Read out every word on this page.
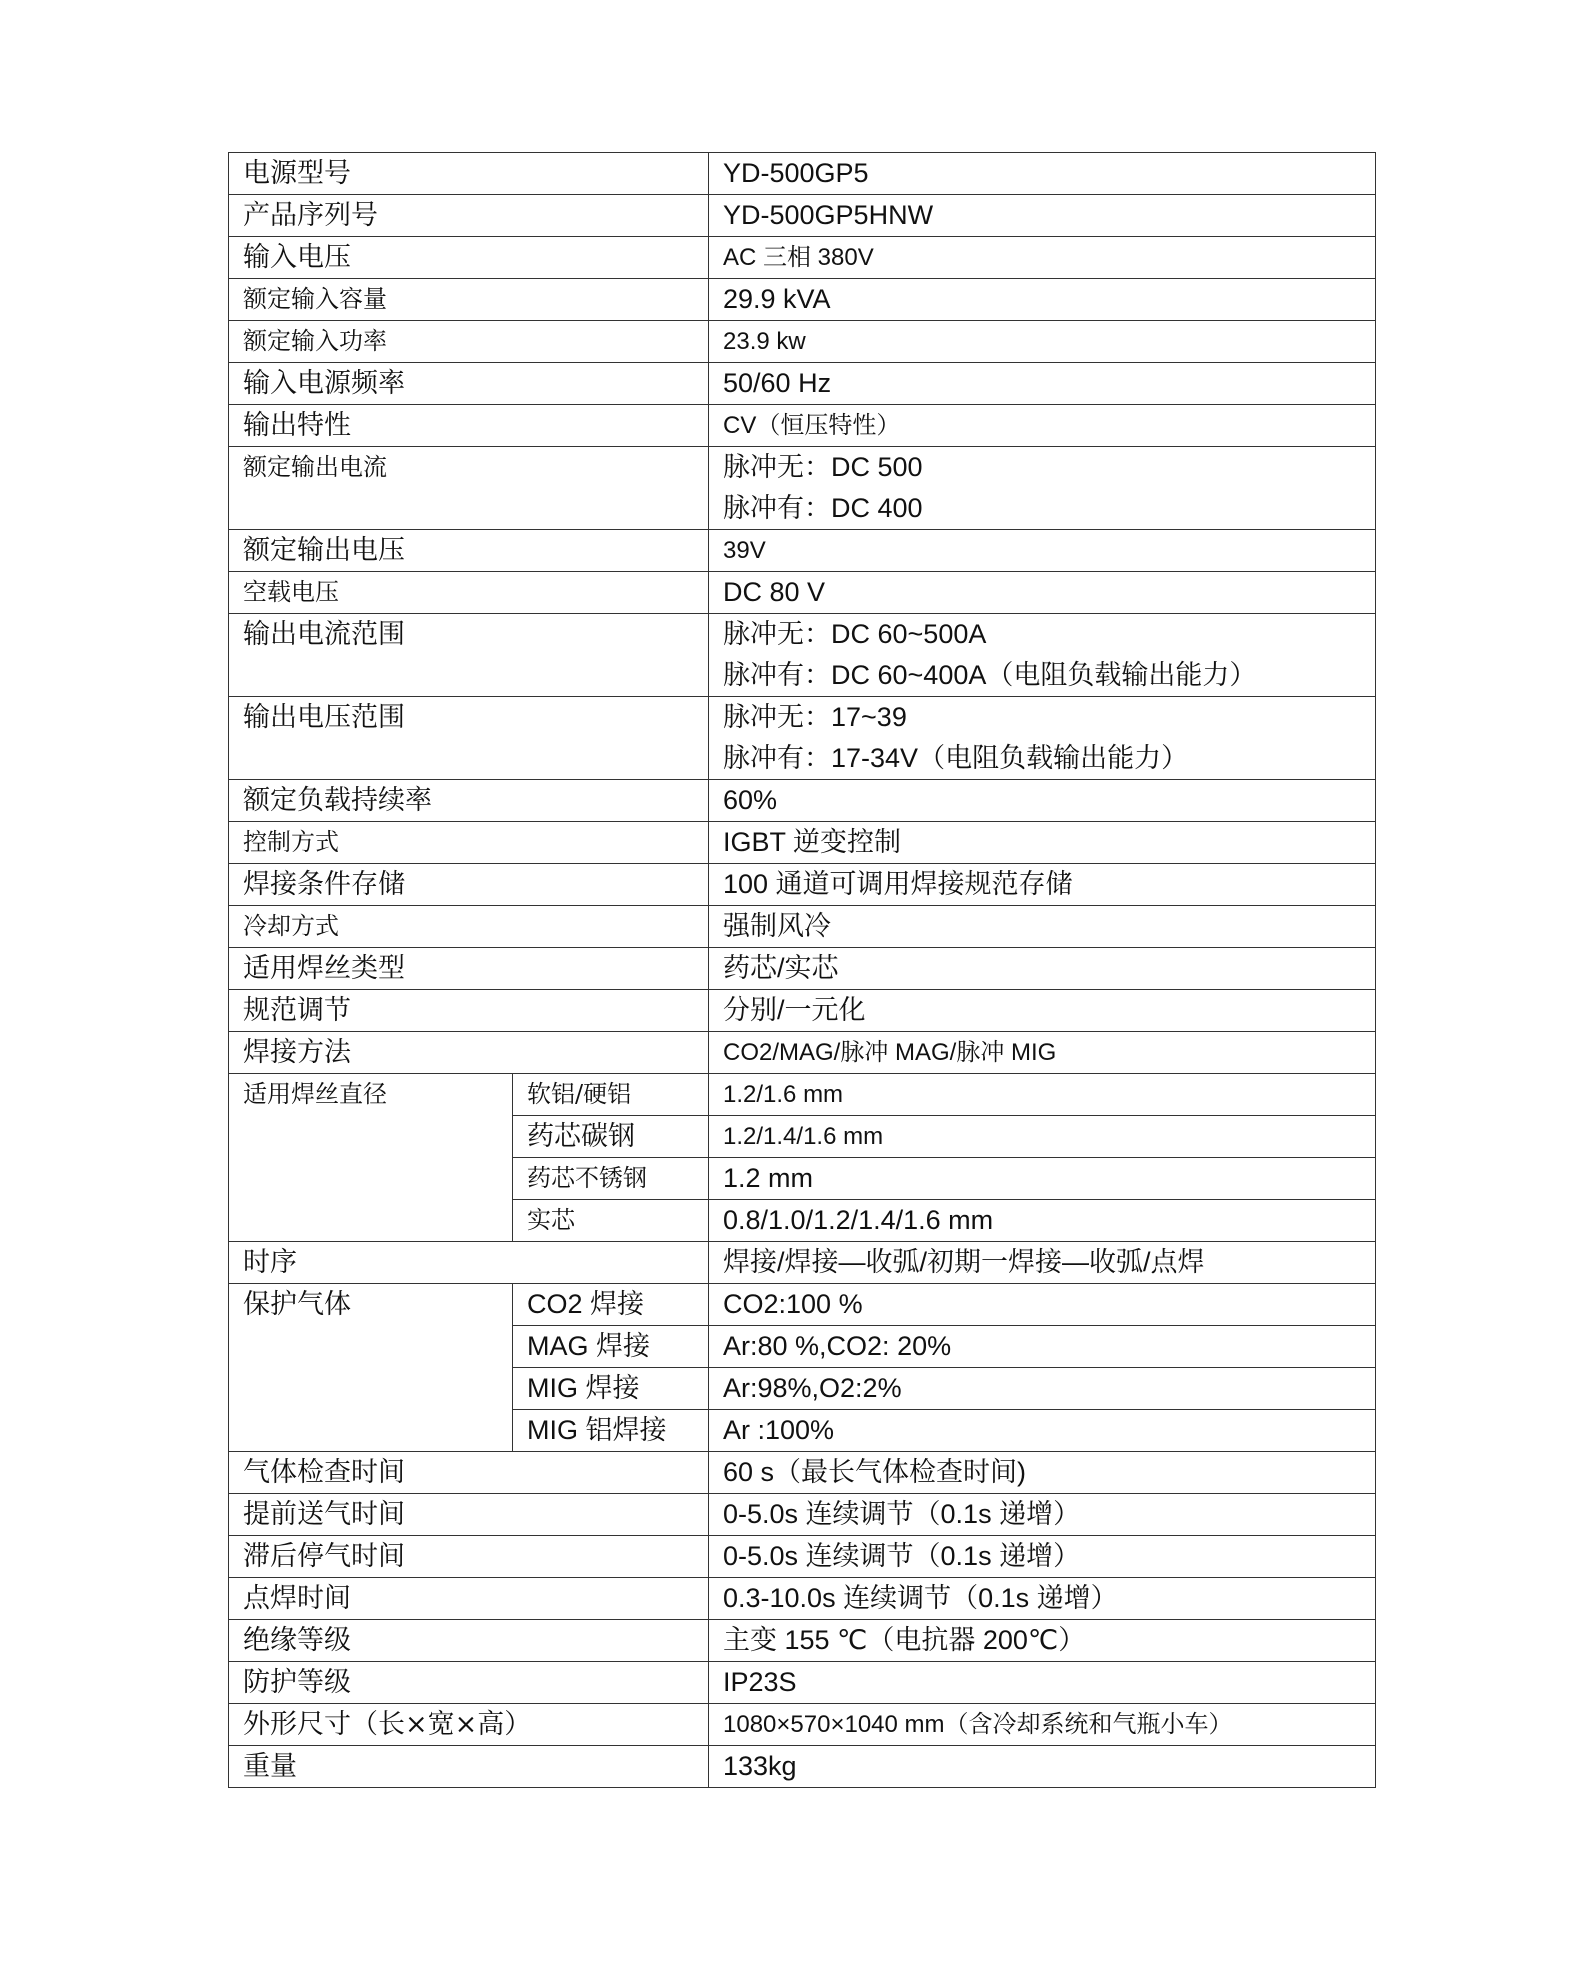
电源型号		YD-500GP5
产品序列号		YD-500GP5HNW
输入电压		AC 三相 380V
额定输入容量		29.9 kVA
额定输入功率		23.9 kw
输入电源频率		50/60 Hz
输出特性		CV（恒压特性）
额定输出电流		脉冲无：DC 500
脉冲有：DC 400

额定输出电压		39V
空载电压		DC 80 V
输出电流范围		脉冲无：DC 60~500A
脉冲有：DC 60~400A（电阻负载输出能力）

输出电压范围		脉冲无：17~39
脉冲有：17-34V（电阻负载输出能力）

额定负载持续率		60%
控制方式		IGBT 逆变控制
焊接条件存储		100 通道可调用焊接规范存储
冷却方式		强制风冷
适用焊丝类型		药芯/实芯
规范调节		分别/一元化
焊接方法		CO2/MAG/脉冲 MAG/脉冲 MIG
适用焊丝直径	软铝/硬铝	1.2/1.6 mm
	药芯碳钢	1.2/1.4/1.6 mm
	药芯不锈钢	1.2 mm
	实芯	0.8/1.0/1.2/1.4/1.6 mm
时序		焊接/焊接—收弧/初期一焊接—收弧/点焊
保护气体	CO2 焊接	CO2:100 %
	MAG 焊接	Ar:80 %,CO2: 20%
	MIG 焊接	Ar:98%,O2:2%
	MIG 铝焊接	Ar :100%
气体检查时间		60 s（最长气体检查时间)
提前送气时间		0-5.0s 连续调节（0.1s 递增）
滞后停气时间		0-5.0s 连续调节（0.1s 递增）
点焊时间		0.3-10.0s 连续调节（0.1s 递增）
绝缘等级		主变 155 ℃（电抗器 200℃）
防护等级		IP23S
外形尺寸（长×宽×高）		1080×570×1040 mm（含冷却系统和气瓶小车）
重量		133kg
